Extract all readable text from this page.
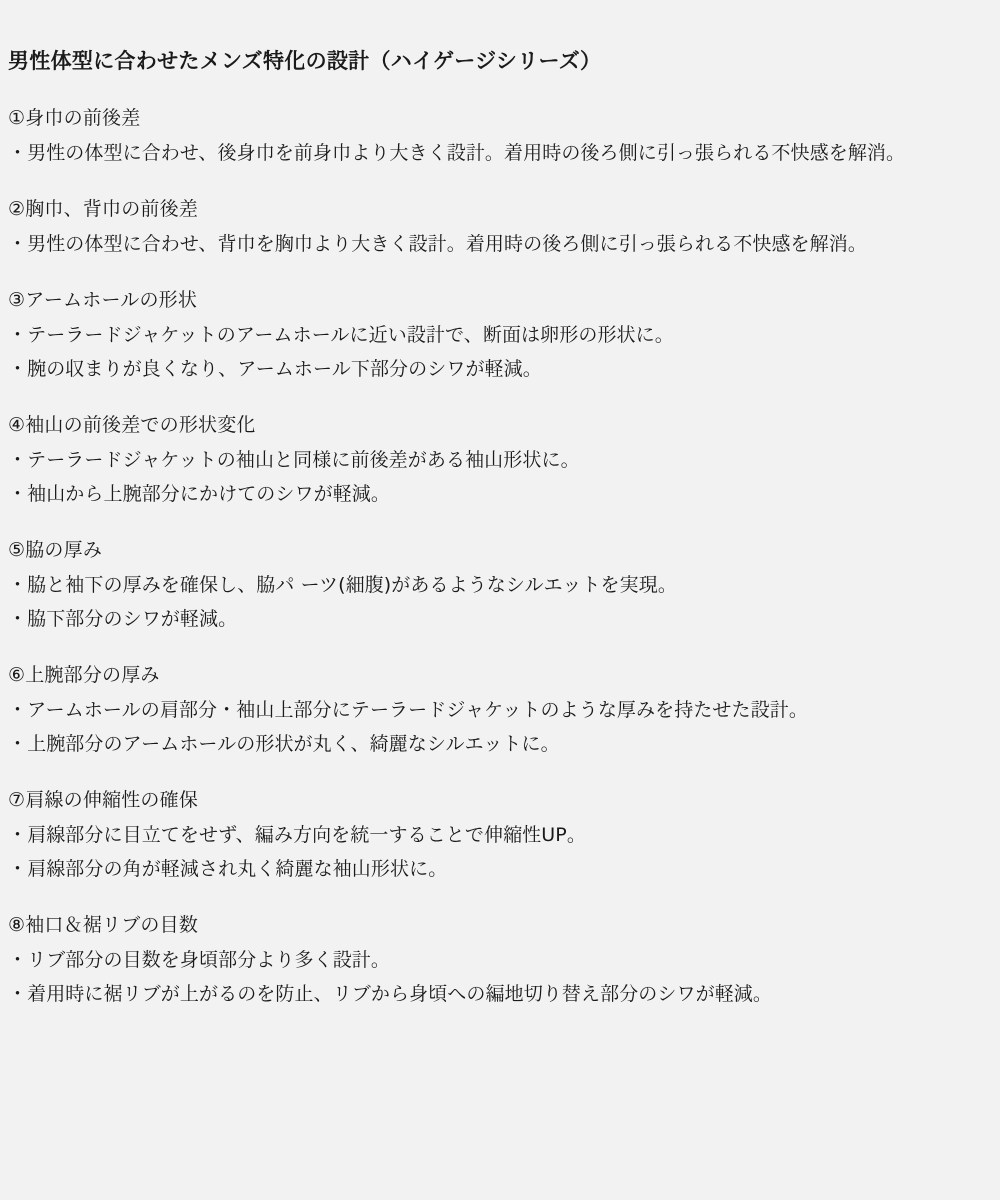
男性体型に合わせたメンズ特化の設計（ハイゲージシリーズ）

①身巾の前後差

・男性の体型に合わせ、後身巾を前身巾より大きく設計。着用時の後ろ側に引っ張られる不快感を解消。

②胸巾、背巾の前後差

・男性の体型に合わせ、背巾を胸巾より大きく設計。着用時の後ろ側に引っ張られる不快感を解消。

③アームホールの形状

・テーラードジャケットのアームホールに近い設計で、断面は卵形の形状に。

・腕の収まりが良くなり、アームホール下部分のシワが軽減。

④袖山の前後差での形状変化

・テーラードジャケットの袖山と同様に前後差がある袖山形状に。

・袖山から上腕部分にかけてのシワが軽減。

⑤脇の厚み

・脇と袖下の厚みを確保し、脇パ ーツ(細腹)があるようなシルエットを実現。

・脇下部分のシワが軽減。

⑥上腕部分の厚み

・アームホールの肩部分・袖山上部分にテーラードジャケットのような厚みを持たせた設計。

・上腕部分のアームホールの形状が丸く、綺麗なシルエットに。

⑦肩線の伸縮性の確保

・肩線部分に目立てをせず、編み方向を統一することで伸縮性UP。

・肩線部分の角が軽減され丸く綺麗な袖山形状に。

⑧袖口＆裾リブの目数

・リブ部分の目数を身頃部分より多く設計。

・着用時に裾リブが上がるのを防止、リブから身頃への編地切り替え部分のシワが軽減。
